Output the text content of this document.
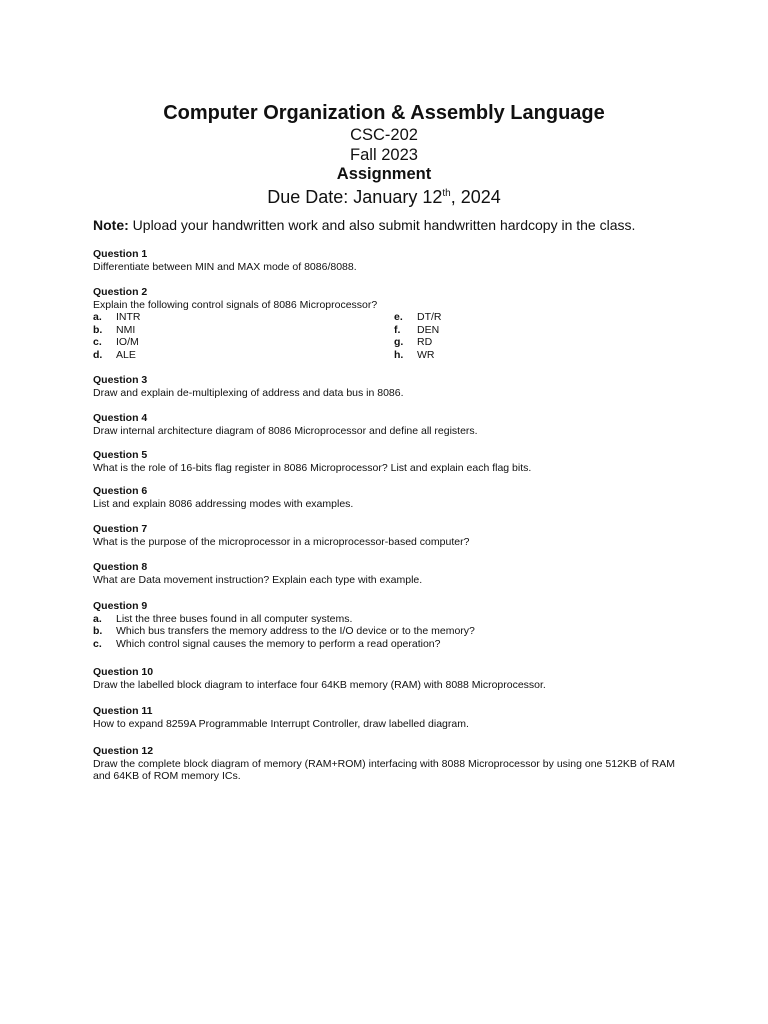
Computer Organization & Assembly Language

CSC-202

Fall 2023

Assignment

Due Date: January 12th, 2024

Note: Upload your handwritten work and also submit handwritten hardcopy in the class.

Question 1

Differentiate between MIN and MAX mode of 8086/8088.

Question 2

Explain the following control signals of 8086 Microprocessor?

a. INTR
b. NMI
c. IO/M
d. ALE
e. DT/R
f. DEN
g. RD
h. WR

Question 3

Draw and explain de-multiplexing of address and data bus in 8086.

Question 4

Draw internal architecture diagram of 8086 Microprocessor and define all registers.

Question 5

What is the role of 16-bits flag register in 8086 Microprocessor? List and explain each flag bits.

Question 6

List and explain 8086 addressing modes with examples.

Question 7

What is the purpose of the microprocessor in a microprocessor-based computer?

Question 8

What are Data movement instruction? Explain each type with example.

Question 9

a. List the three buses found in all computer systems.
b. Which bus transfers the memory address to the I/O device or to the memory?
c. Which control signal causes the memory to perform a read operation?

Question 10

Draw the labelled block diagram to interface four 64KB memory (RAM) with 8088 Microprocessor.

Question 11

How to expand 8259A Programmable Interrupt Controller, draw labelled diagram.

Question 12

Draw the complete block diagram of memory (RAM+ROM) interfacing with 8088 Microprocessor by using one 512KB of RAM and 64KB of ROM memory ICs.
